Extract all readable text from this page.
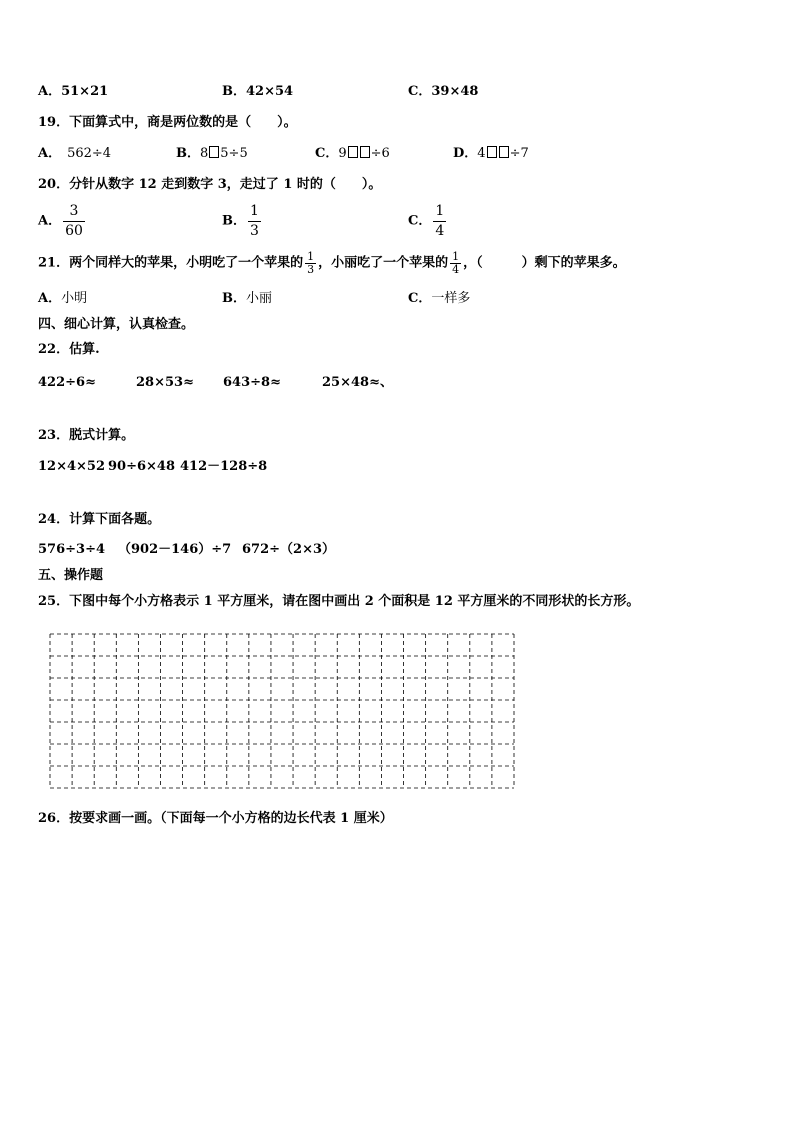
A．51×21	B．42×54	C．39×48
19．下面算式中，商是两位数的是（　　）。
A． 562÷4	B．8 5÷5	C．9 ÷6	D．4 ÷7
20．分针从数字 12 走到数字 3，走过了 1 时的（　　）。
A． $\frac{3}{60}$	B． $\frac{1}{3}$	C． $\frac{1}{4}$
21．两个同样大的苹果，小明吃了一个苹果的 $\frac{1}{3}$ ，小丽吃了一个苹果的 $\frac{1}{4}$ ，（　　　）剩下的苹果多。
A．小明	B．小丽	C．一样多
四、细心计算，认真检查。
22．估算.
422÷6≈	28×53≈ 643÷8≈	25×48≈、
23．脱式计算。
12×4×52 90÷6×48 412－128÷8
24．计算下面各题。
576÷3÷4 （902－146）÷7 672÷（2×3）
五、操作题
25．下图中每个小方格表示 1 平方厘米，请在图中画出 2 个面积是 12 平方厘米的不同形状的长方形。
26．按要求画一画。（下面每一个小方格的边长代表 1 厘米）
